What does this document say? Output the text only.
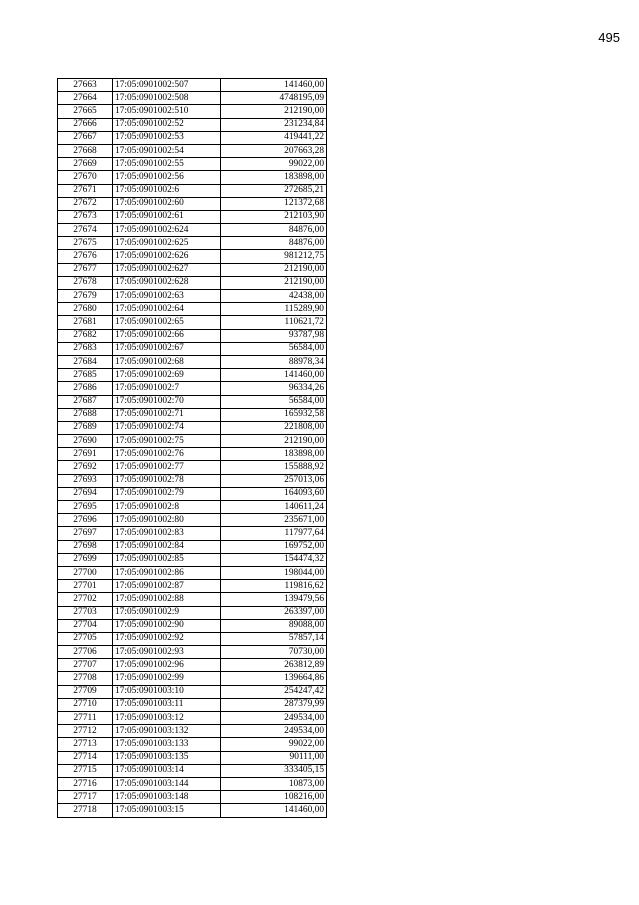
495
27663	17:05:0901002:507	141460,00
27664	17:05:0901002:508	4748195,09
27665	17:05:0901002:510	212190,00
27666	17:05:0901002:52	231234,84
27667	17:05:0901002:53	419441,22
27668	17:05:0901002:54	207663,28
27669	17:05:0901002:55	99022,00
27670	17:05:0901002:56	183898,00
27671	17:05:0901002:6	272685,21
27672	17:05:0901002:60	121372,68
27673	17:05:0901002:61	212103,90
27674	17:05:0901002:624	84876,00
27675	17:05:0901002:625	84876,00
27676	17:05:0901002:626	981212,75
27677	17:05:0901002:627	212190,00
27678	17:05:0901002:628	212190,00
27679	17:05:0901002:63	42438,00
27680	17:05:0901002:64	115289,90
27681	17:05:0901002:65	110621,72
27682	17:05:0901002:66	93787,98
27683	17:05:0901002:67	56584,00
27684	17:05:0901002:68	88978,34
27685	17:05:0901002:69	141460,00
27686	17:05:0901002:7	96334,26
27687	17:05:0901002:70	56584,00
27688	17:05:0901002:71	165932,58
27689	17:05:0901002:74	221808,00
27690	17:05:0901002:75	212190,00
27691	17:05:0901002:76	183898,00
27692	17:05:0901002:77	155888,92
27693	17:05:0901002:78	257013,06
27694	17:05:0901002:79	164093,60
27695	17:05:0901002:8	140611,24
27696	17:05:0901002:80	235671,00
27697	17:05:0901002:83	117977,64
27698	17:05:0901002:84	169752,00
27699	17:05:0901002:85	154474,32
27700	17:05:0901002:86	198044,00
27701	17:05:0901002:87	119816,62
27702	17:05:0901002:88	139479,56
27703	17:05:0901002:9	263397,00
27704	17:05:0901002:90	89088,00
27705	17:05:0901002:92	57857,14
27706	17:05:0901002:93	70730,00
27707	17:05:0901002:96	263812,89
27708	17:05:0901002:99	139664,86
27709	17:05:0901003:10	254247,42
27710	17:05:0901003:11	287379,99
27711	17:05:0901003:12	249534,00
27712	17:05:0901003:132	249534,00
27713	17:05:0901003:133	99022,00
27714	17:05:0901003:135	90111,00
27715	17:05:0901003:14	333405,15
27716	17:05:0901003:144	10873,00
27717	17:05:0901003:148	108216,00
27718	17:05:0901003:15	141460,00
